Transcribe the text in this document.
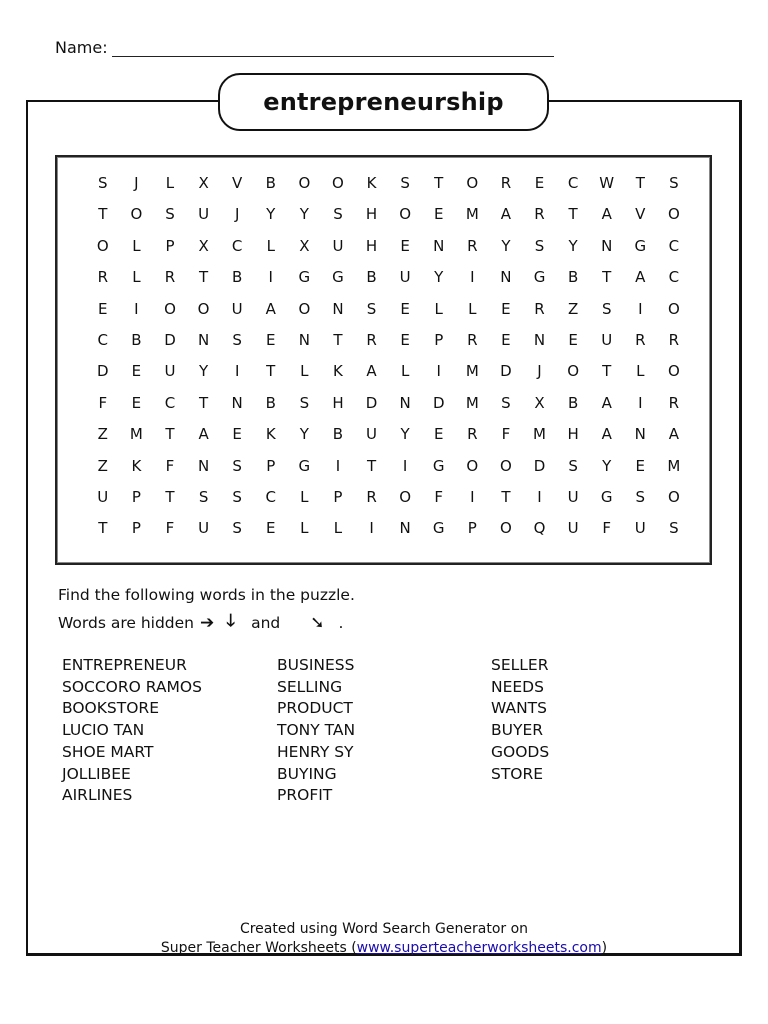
Name:
entrepreneurship
S	J	L	X	V	B	O	O	K	S	T	O	R	E	C	W	T	S
T	O	S	U	J	Y	Y	S	H	O	E	M	A	R	T	A	V	O
O	L	P	X	C	L	X	U	H	E	N	R	Y	S	Y	N	G	C
R	L	R	T	B	I	G	G	B	U	Y	I	N	G	B	T	A	C
E	I	O	O	U	A	O	N	S	E	L	L	E	R	Z	S	I	O
C	B	D	N	S	E	N	T	R	E	P	R	E	N	E	U	R	R
D	E	U	Y	I	T	L	K	A	L	I	M	D	J	O	T	L	O
F	E	C	T	N	B	S	H	D	N	D	M	S	X	B	A	I	R
Z	M	T	A	E	K	Y	B	U	Y	E	R	F	M	H	A	N	A
Z	K	F	N	S	P	G	I	T	I	G	O	O	D	S	Y	E	M
U	P	T	S	S	C	L	P	R	O	F	I	T	I	U	G	S	O
T	P	F	U	S	E	L	L	I	N	G	P	O	Q	U	F	U	S
Find the following words in the puzzle.
Words are hidden ➔ 🡓 and ➘ .
ENTREPRENEUR
SOCCORO RAMOS
BOOKSTORE
LUCIO TAN
SHOE MART
JOLLIBEE
AIRLINES
BUSINESS
SELLING
PRODUCT
TONY TAN
HENRY SY
BUYING
PROFIT
SELLER
NEEDS
WANTS
BUYER
GOODS
STORE
Created using Word Search Generator on
Super Teacher Worksheets (www.superteacherworksheets.com)
